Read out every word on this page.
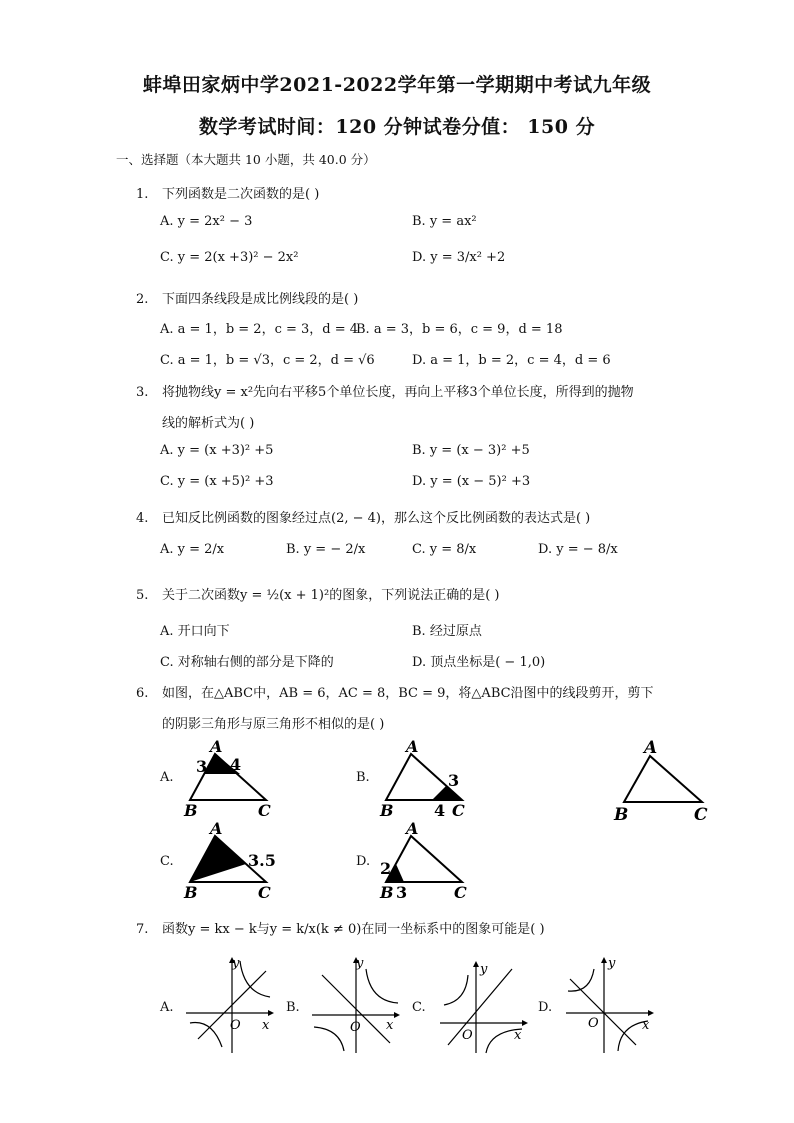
蚌埠田家炳中学2021-2022学年第一学期期中考试九年级
数学考试时间：120 分钟试卷分值： 150 分
一、选择题（本大题共 10 小题，共 40.0 分）
1. 下列函数是二次函数的是( )
A. y = 2x² − 3	B. y = ax²
C. y = 2(x +3)² − 2x²	D. y = 3/x² +2
2. 下面四条线段是成比例线段的是( )
A. a = 1，b = 2，c = 3，d = 4
B. a = 3，b = 6，c = 9，d = 18
C. a = 1，b = √3，c = 2，d = √6	D. a = 1，b = 2，c = 4，d = 6
3. 将抛物线y = x²先向右平移5个单位长度，再向上平移3个单位长度，所得到的抛物
线的解析式为( )
A. y = (x +3)² +5	B. y = (x − 3)² +5
C. y = (x +5)² +3	D. y = (x − 5)² +3
4. 已知反比例函数的图象经过点(2, − 4)，那么这个反比例函数的表达式是( )
A. y = 2/x	B. y = − 2/x	C. y = 8/x	D. y = − 8/x
5. 关于二次函数y = ½(x + 1)²的图象，下列说法正确的是( )
A. 开口向下	B. 经过原点
C. 对称轴右侧的部分是下降的	D. 顶点坐标是( − 1,0)
6. 如图，在△ABC中，AB = 6，AC = 8，BC = 9，将△ABC沿图中的线段剪开，剪下
的阴影三角形与原三角形不相似的是( )
A.	B.
C.	D.
A
3 4
B	C
A
3
B	4 C
A
B	C
A
3.5
B	C
A
2
B 3	C
7. 函数y = kx − k与y = k/x(k ≠ 0)在同一坐标系中的图象可能是( )
A.	B.	C.	D.
y
x
O
y
x
O
y
x
O
y
x
O
